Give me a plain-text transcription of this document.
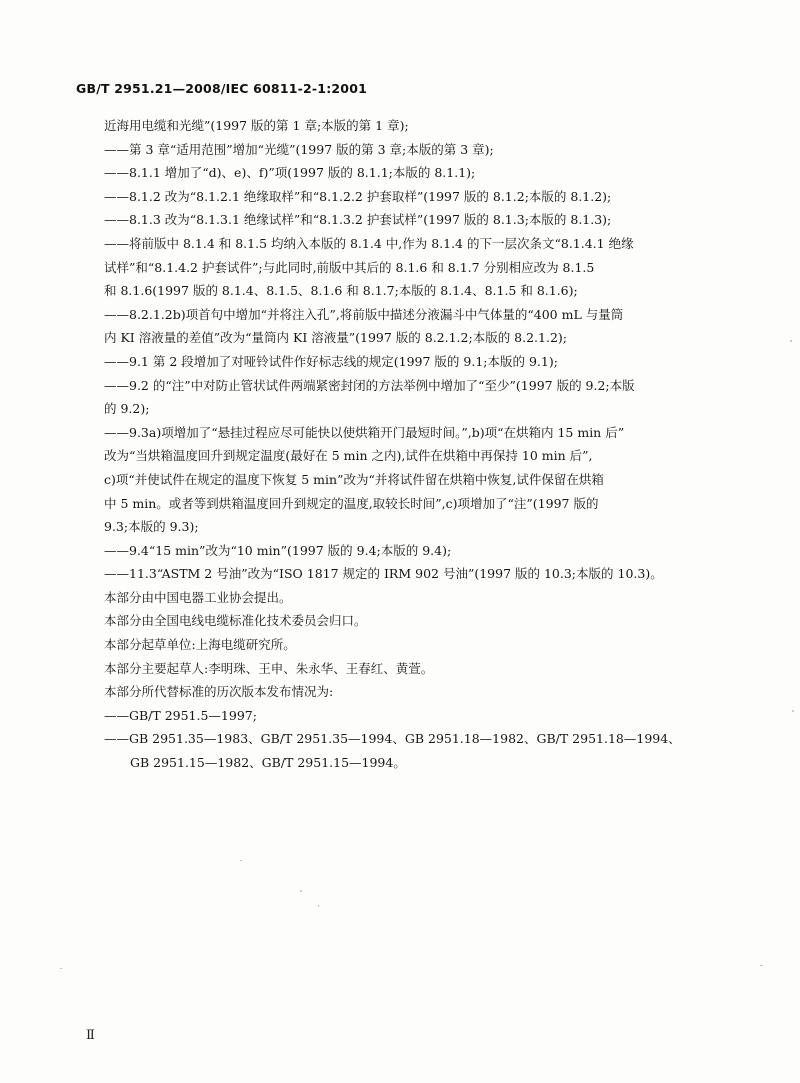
GB/T 2951.21—2008/IEC 60811-2-1:2001
近海用电缆和光缆”(1997 版的第 1 章;本版的第 1 章);
——第 3 章“适用范围”增加“光缆”(1997 版的第 3 章;本版的第 3 章);
——8.1.1 增加了“d)、e)、f)”项(1997 版的 8.1.1;本版的 8.1.1);
——8.1.2 改为“8.1.2.1 绝缘取样”和“8.1.2.2 护套取样”(1997 版的 8.1.2;本版的 8.1.2);
——8.1.3 改为“8.1.3.1 绝缘试样”和“8.1.3.2 护套试样”(1997 版的 8.1.3;本版的 8.1.3);
——将前版中 8.1.4 和 8.1.5 均纳入本版的 8.1.4 中,作为 8.1.4 的下一层次条文“8.1.4.1 绝缘
试样”和“8.1.4.2 护套试件”;与此同时,前版中其后的 8.1.6 和 8.1.7 分别相应改为 8.1.5
和 8.1.6(1997 版的 8.1.4、8.1.5、8.1.6 和 8.1.7;本版的 8.1.4、8.1.5 和 8.1.6);
——8.2.1.2b)项首句中增加“并将注入孔”,将前版中描述分液漏斗中气体量的“400 mL 与量筒
内 KI 溶液量的差值”改为“量筒内 KI 溶液量”(1997 版的 8.2.1.2;本版的 8.2.1.2);
——9.1 第 2 段增加了对哑铃试件作好标志线的规定(1997 版的 9.1;本版的 9.1);
——9.2 的“注”中对防止管状试件两端紧密封闭的方法举例中增加了“至少”(1997 版的 9.2;本版
的 9.2);
——9.3a)项增加了“悬挂过程应尽可能快以使烘箱开门最短时间。”,b)项“在烘箱内 15 min 后”
改为“当烘箱温度回升到规定温度(最好在 5 min 之内),试件在烘箱中再保持 10 min 后”,
c)项“并使试件在规定的温度下恢复 5 min”改为“并将试件留在烘箱中恢复,试件保留在烘箱
中 5 min。或者等到烘箱温度回升到规定的温度,取较长时间”,c)项增加了“注”(1997 版的
9.3;本版的 9.3);
——9.4“15 min”改为“10 min”(1997 版的 9.4;本版的 9.4);
——11.3“ASTM 2 号油”改为“ISO 1817 规定的 IRM 902 号油”(1997 版的 10.3;本版的 10.3)。
本部分由中国电器工业协会提出。
本部分由全国电线电缆标准化技术委员会归口。
本部分起草单位:上海电缆研究所。
本部分主要起草人:李明珠、王申、朱永华、王春红、黄萱。
本部分所代替标准的历次版本发布情况为:
——GB/T 2951.5—1997;
——GB 2951.35—1983、GB/T 2951.35—1994、GB 2951.18—1982、GB/T 2951.18—1994、
GB 2951.15—1982、GB/T 2951.15—1994。
Ⅱ
